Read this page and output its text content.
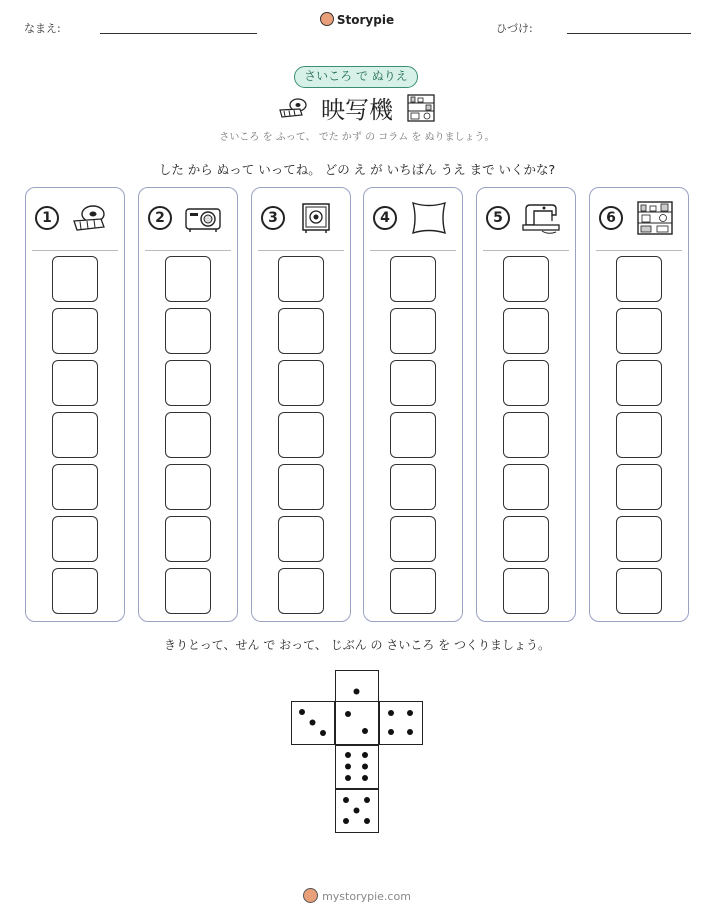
なまえ:
Storypie
ひづけ:
さいころ で ぬりえ
映写機
さいころ を ふって、 でた かず の コラム を ぬりましょう。
した から ぬって いってね。 どの え が いちばん うえ まで いくかな?
1	2	3	4	5	6
きりとって、せん で おって、 じぶん の さいころ を つくりましょう。
mystorypie.com
